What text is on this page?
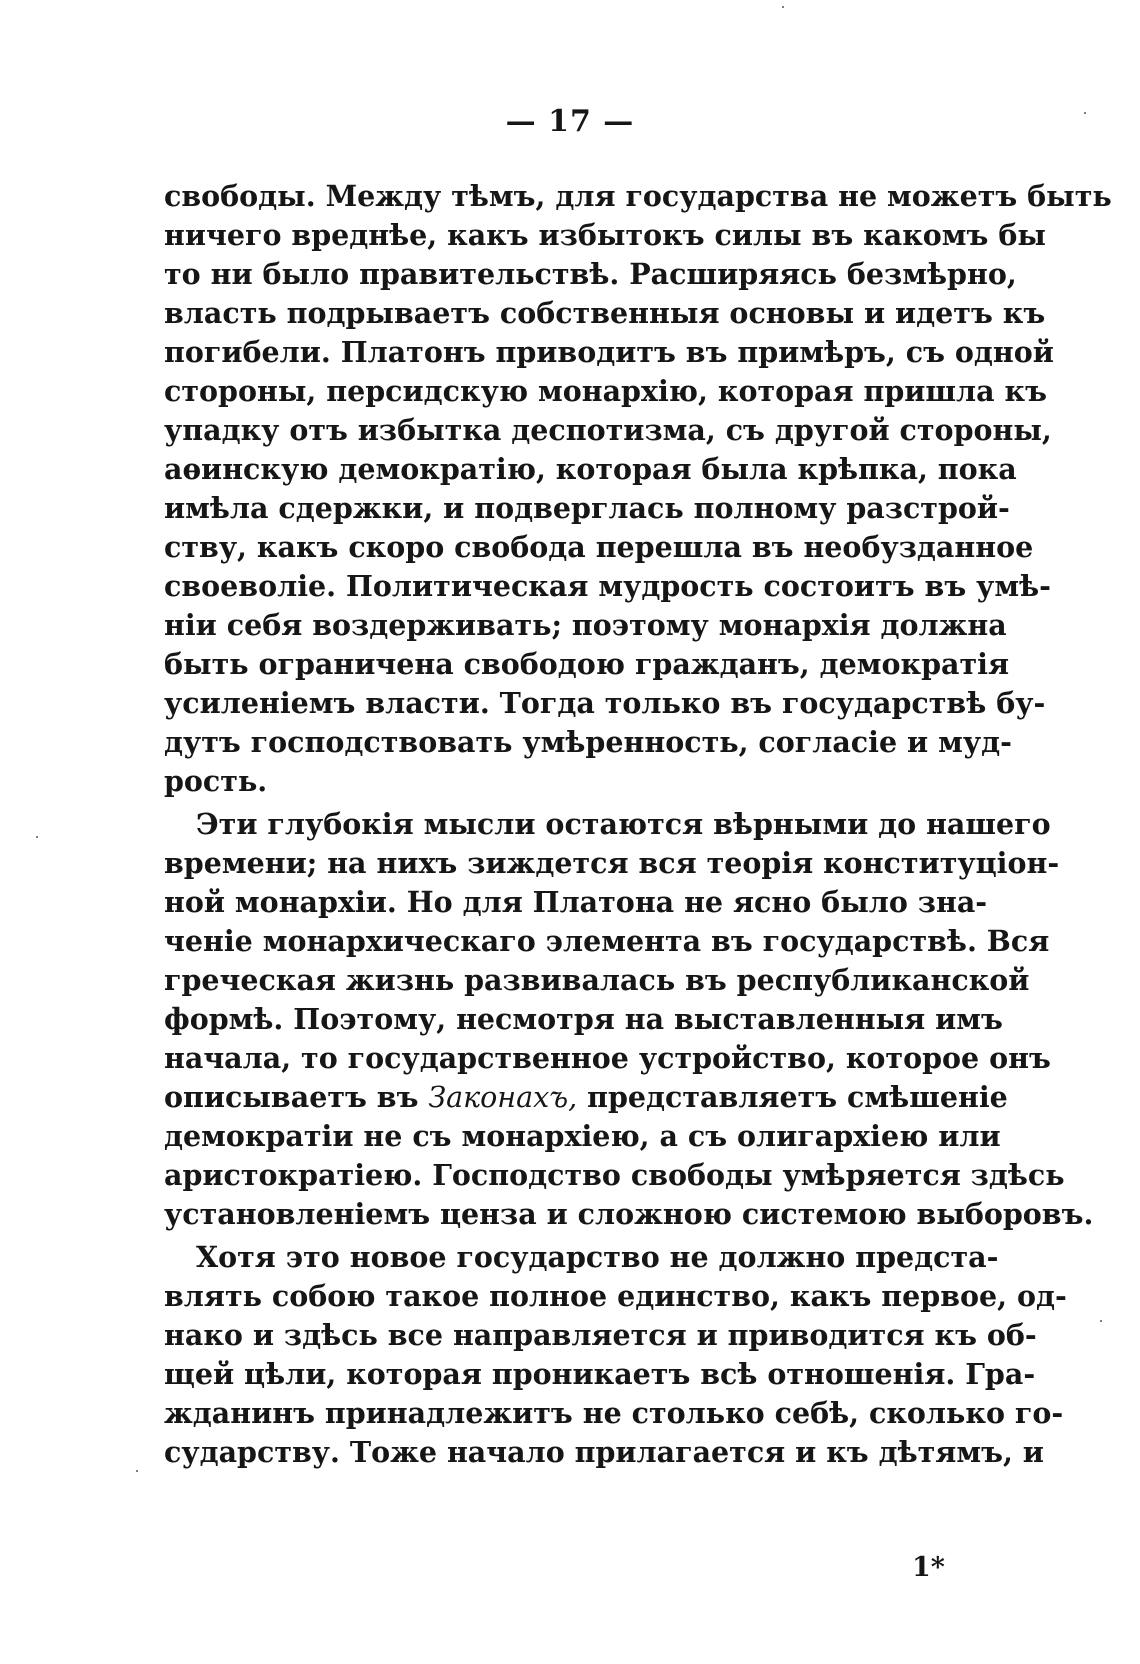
— 17 —
свободы. Между тѣмъ, для государства не можетъ быть
ничего вреднѣе, какъ избытокъ силы въ какомъ бы
то ни было правительствѣ. Расширяясь безмѣрно,
власть подрываетъ собственныя основы и идетъ къ
погибели. Платонъ приводитъ въ примѣръ, съ одной
стороны, персидскую монархію, которая пришла къ
упадку отъ избытка деспотизма, съ другой стороны,
аѳинскую демократію, которая была крѣпка, пока
имѣла сдержки, и подверглась полному разстрой-
ству, какъ скоро свобода перешла въ необузданное
своеволіе. Политическая мудрость состоитъ въ умѣ-
ніи себя воздерживать; поэтому монархія должна
быть ограничена свободою гражданъ, демократія
усиленіемъ власти. Тогда только въ государствѣ бу-
дутъ господствовать умѣренность, согласіе и муд-
рость.
Эти глубокія мысли остаются вѣрными до нашего
времени; на нихъ зиждется вся теорія конституціон-
ной монархіи. Но для Платона не ясно было зна-
ченіе монархическаго элемента въ государствѣ. Вся
греческая жизнь развивалась въ республиканской
формѣ. Поэтому, несмотря на выставленныя имъ
начала, то государственное устройство, которое онъ
описываетъ въ Законахъ, представляетъ смѣшеніе
демократіи не съ монархіею, а съ олигархіею или
аристократіею. Господство свободы умѣряется здѣсь
установленіемъ ценза и сложною системою выборовъ.
Хотя это новое государство не должно предста-
влять собою такое полное единство, какъ первое, од-
нако и здѣсь все направляется и приводится къ об-
щей цѣли, которая проникаетъ всѣ отношенія. Гра-
жданинъ принадлежитъ не столько себѣ, сколько го-
сударству. Тоже начало прилагается и къ дѣтямъ, и
1*
